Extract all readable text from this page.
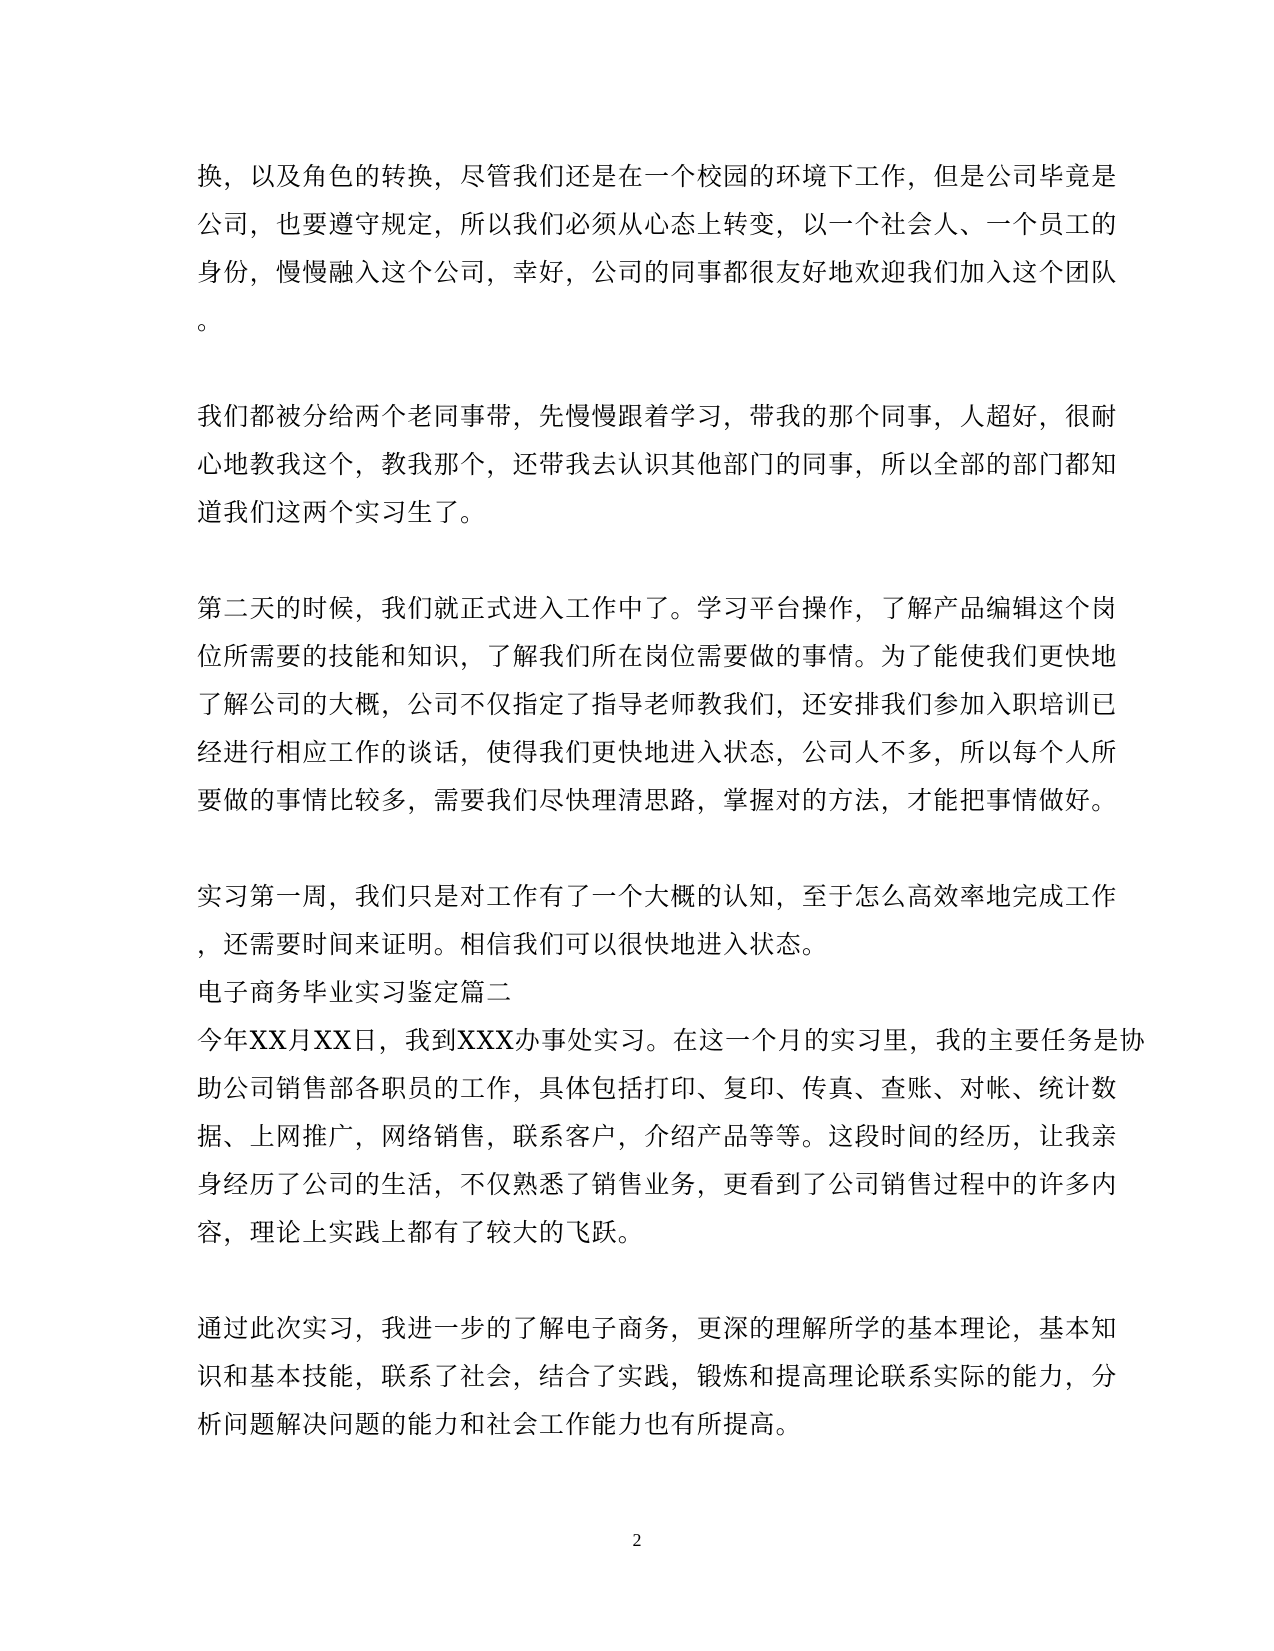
换，以及角色的转换，尽管我们还是在一个校园的环境下工作，但是公司毕竟是
公司，也要遵守规定，所以我们必须从心态上转变，以一个社会人、一个员工的
身份，慢慢融入这个公司，幸好，公司的同事都很友好地欢迎我们加入这个团队
。
我们都被分给两个老同事带，先慢慢跟着学习，带我的那个同事，人超好，很耐
心地教我这个，教我那个，还带我去认识其他部门的同事，所以全部的部门都知
道我们这两个实习生了。
第二天的时候，我们就正式进入工作中了。学习平台操作，了解产品编辑这个岗
位所需要的技能和知识，了解我们所在岗位需要做的事情。为了能使我们更快地
了解公司的大概，公司不仅指定了指导老师教我们，还安排我们参加入职培训已
经进行相应工作的谈话，使得我们更快地进入状态，公司人不多，所以每个人所
要做的事情比较多，需要我们尽快理清思路，掌握对的方法，才能把事情做好。
实习第一周，我们只是对工作有了一个大概的认知，至于怎么高效率地完成工作
，还需要时间来证明。相信我们可以很快地进入状态。
电子商务毕业实习鉴定篇二
今年XX月XX日，我到XXX办事处实习。在这一个月的实习里，我的主要任务是协
助公司销售部各职员的工作，具体包括打印、复印、传真、查账、对帐、统计数
据、上网推广，网络销售，联系客户，介绍产品等等。这段时间的经历，让我亲
身经历了公司的生活，不仅熟悉了销售业务，更看到了公司销售过程中的许多内
容，理论上实践上都有了较大的飞跃。
通过此次实习，我进一步的了解电子商务，更深的理解所学的基本理论，基本知
识和基本技能，联系了社会，结合了实践，锻炼和提高理论联系实际的能力，分
析问题解决问题的能力和社会工作能力也有所提高。
2
